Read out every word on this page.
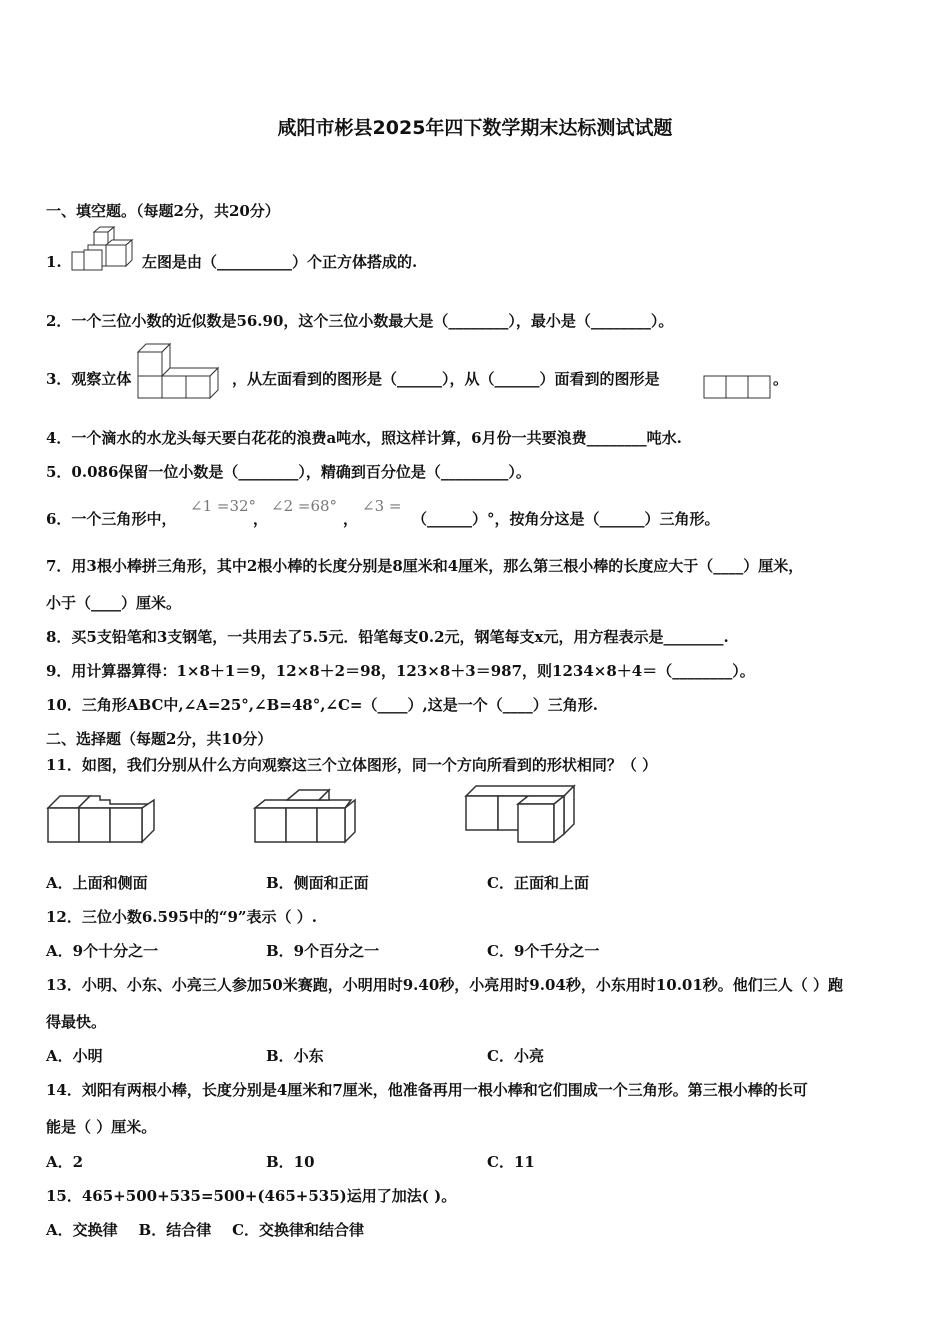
咸阳市彬县2025年四下数学期末达标测试试题
一、填空题。（每题2分，共20分）
1.	左图是由（__________）个正方体搭成的.
2．一个三位小数的近似数是56.90，这个三位小数最大是（________），最小是（________）。
3．观察立体	，从左面看到的图形是（______），从（______）面看到的图形是	。
4．一个滴水的水龙头每天要白花花的浪费a吨水，照这样计算，6月份一共要浪费________吨水.
5．0.086保留一位小数是（________），精确到百分位是（_________）。
6．一个三角形中，
∠1 =32°
，
∠2 =68°
，
∠3 =
（______）°，按角分这是（______）三角形。
7．用3根小棒拼三角形，其中2根小棒的长度分别是8厘米和4厘米，那么第三根小棒的长度应大于（____）厘米，
小于（____）厘米。
8．买5支铅笔和3支钢笔，一共用去了5.5元．铅笔每支0.2元，钢笔每支x元，用方程表示是________.
9．用计算器算得：1×8＋1＝9，12×8＋2＝98，123×8＋3＝987，则1234×8＋4＝（________）。
10．三角形ABC中,∠A=25°,∠B=48°,∠C=（____）,这是一个（____）三角形.
二、选择题（每题2分，共10分）
11．如图，我们分别从什么方向观察这三个立体图形，同一个方向所看到的形状相同？（ ）
A．上面和侧面	B．侧面和正面	C．正面和上面
12．三位小数6.595中的“9”表示（ ）.
A．9个十分之一	B．9个百分之一	C．9个千分之一
13．小明、小东、小亮三人参加50米赛跑，小明用时9.40秒，小亮用时9.04秒，小东用时10.01秒。他们三人（ ）跑
得最快。
A．小明	B．小东	C．小亮
14．刘阳有两根小棒，长度分别是4厘米和7厘米，他准备再用一根小棒和它们围成一个三角形。第三根小棒的长可
能是（ ）厘米。
A．2	B．10	C．11
15．465+500+535=500+(465+535)运用了加法( )。
A．交换律    B．结合律    C．交换律和结合律
